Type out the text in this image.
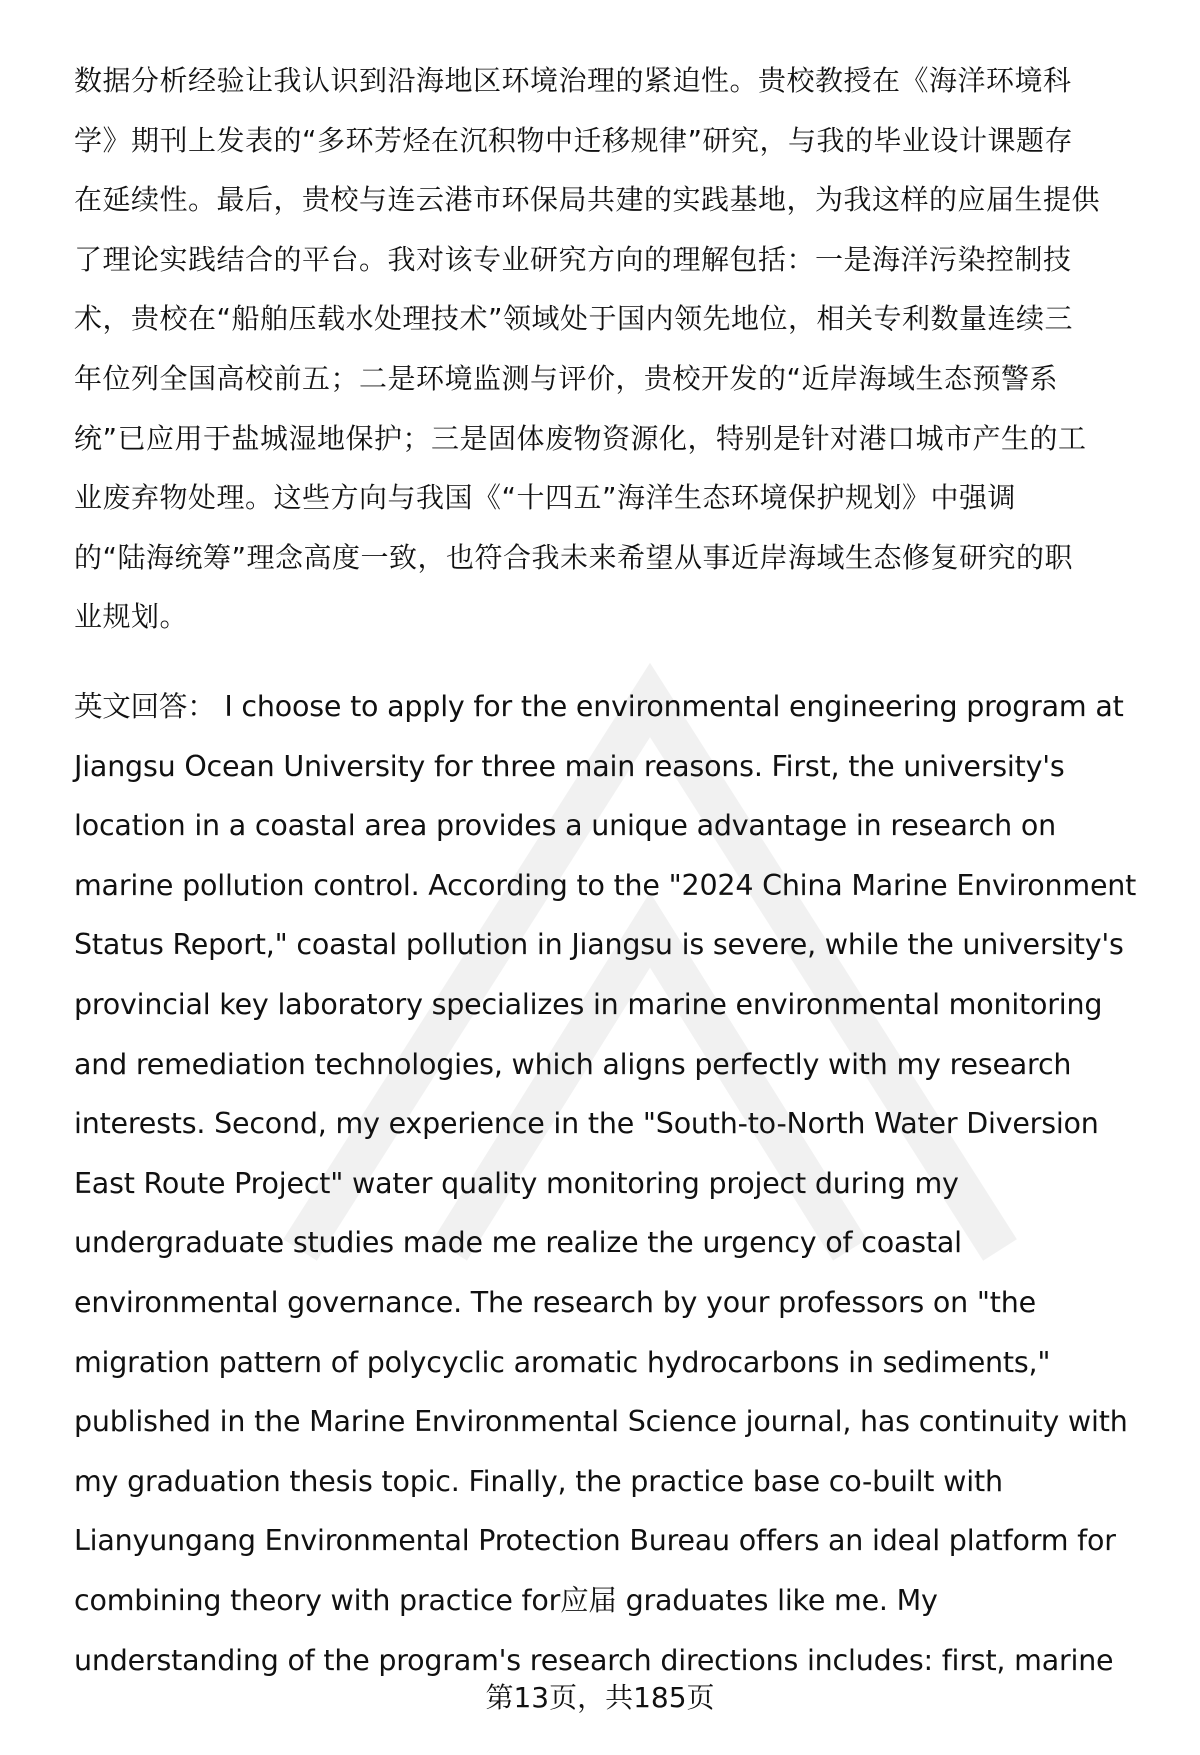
数据分析经验让我认识到沿海地区环境治理的紧迫性。贵校教授在《海洋环境科
学》期刊上发表的“多环芳烃在沉积物中迁移规律”研究，与我的毕业设计课题存
在延续性。最后，贵校与连云港市环保局共建的实践基地，为我这样的应届生提供
了理论实践结合的平台。我对该专业研究方向的理解包括：一是海洋污染控制技
术，贵校在“船舶压载水处理技术”领域处于国内领先地位，相关专利数量连续三
年位列全国高校前五；二是环境监测与评价，贵校开发的“近岸海域生态预警系
统”已应用于盐城湿地保护；三是固体废物资源化，特别是针对港口城市产生的工
业废弃物处理。这些方向与我国《“十四五”海洋生态环境保护规划》中强调
的“陆海统筹”理念高度一致，也符合我未来希望从事近岸海域生态修复研究的职
业规划。
英文回答： I choose to apply for the environmental engineering program at
Jiangsu Ocean University for three main reasons. First, the university's
location in a coastal area provides a unique advantage in research on
marine pollution control. According to the "2024 China Marine Environment
Status Report," coastal pollution in Jiangsu is severe, while the university's
provincial key laboratory specializes in marine environmental monitoring
and remediation technologies, which aligns perfectly with my research
interests. Second, my experience in the "South-to-North Water Diversion
East Route Project" water quality monitoring project during my
undergraduate studies made me realize the urgency of coastal
environmental governance. The research by your professors on "the
migration pattern of polycyclic aromatic hydrocarbons in sediments,"
published in the Marine Environmental Science journal, has continuity with
my graduation thesis topic. Finally, the practice base co-built with
Lianyungang Environmental Protection Bureau offers an ideal platform for
combining theory with practice for应届 graduates like me. My
understanding of the program's research directions includes: first, marine
第13页，共185页
